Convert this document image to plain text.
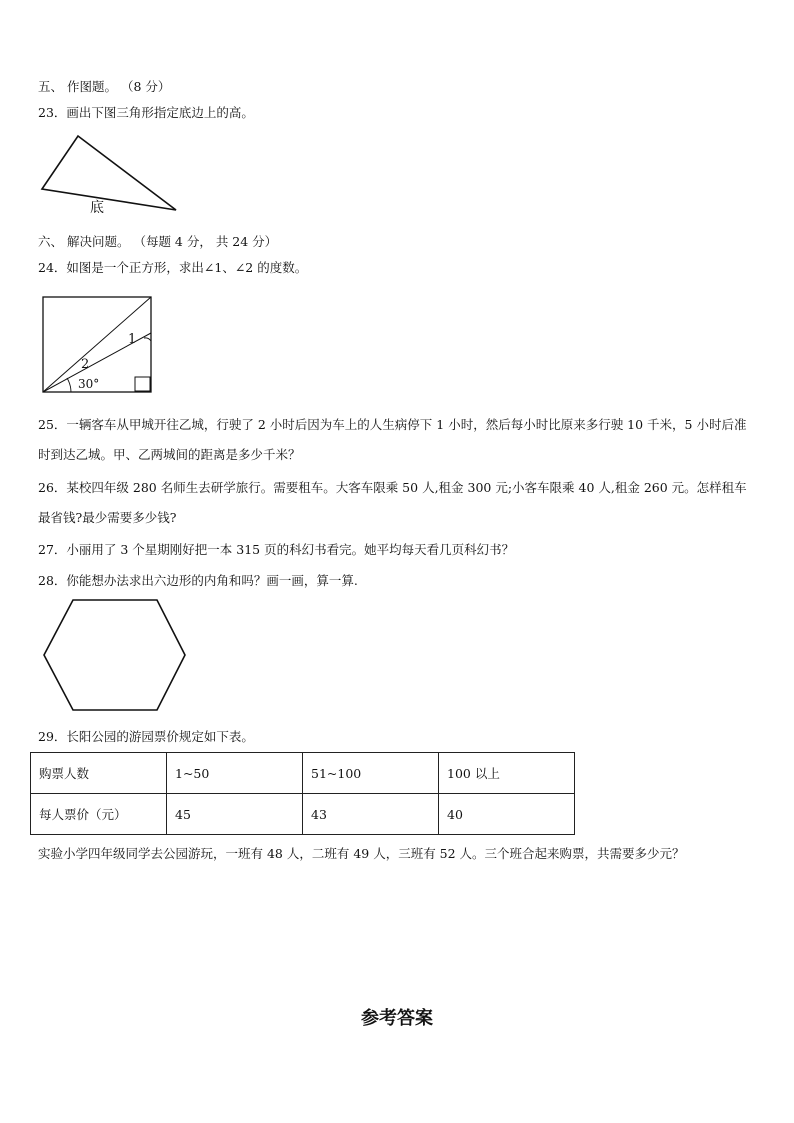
五、 作图题。 （8 分）
23．画出下图三角形指定底边上的高。
底
六、 解决问题。 （每题 4 分， 共 24 分）
24．如图是一个正方形，求出∠1、∠2 的度数。
1
2
30°
25．一辆客车从甲城开往乙城，行驶了 2 小时后因为车上的人生病停下 1 小时，然后每小时比原来多行驶 10 千米，5 小时后准时到达乙城。甲、乙两城间的距离是多少千米？
26．某校四年级 280 名师生去研学旅行。需要租车。大客车限乘 50 人,租金 300 元;小客车限乘 40 人,租金 260 元。怎样租车最省钱?最少需要多少钱?
27．小丽用了 3 个星期刚好把一本 315 页的科幻书看完。她平均每天看几页科幻书？
28．你能想办法求出六边形的内角和吗？画一画，算一算.
29．长阳公园的游园票价规定如下表。
购票人数	1~50	51~100	100 以上
每人票价（元）	45	43	40
实验小学四年级同学去公园游玩，一班有 48 人，二班有 49 人，三班有 52 人。三个班合起来购票，共需要多少元？
参考答案
